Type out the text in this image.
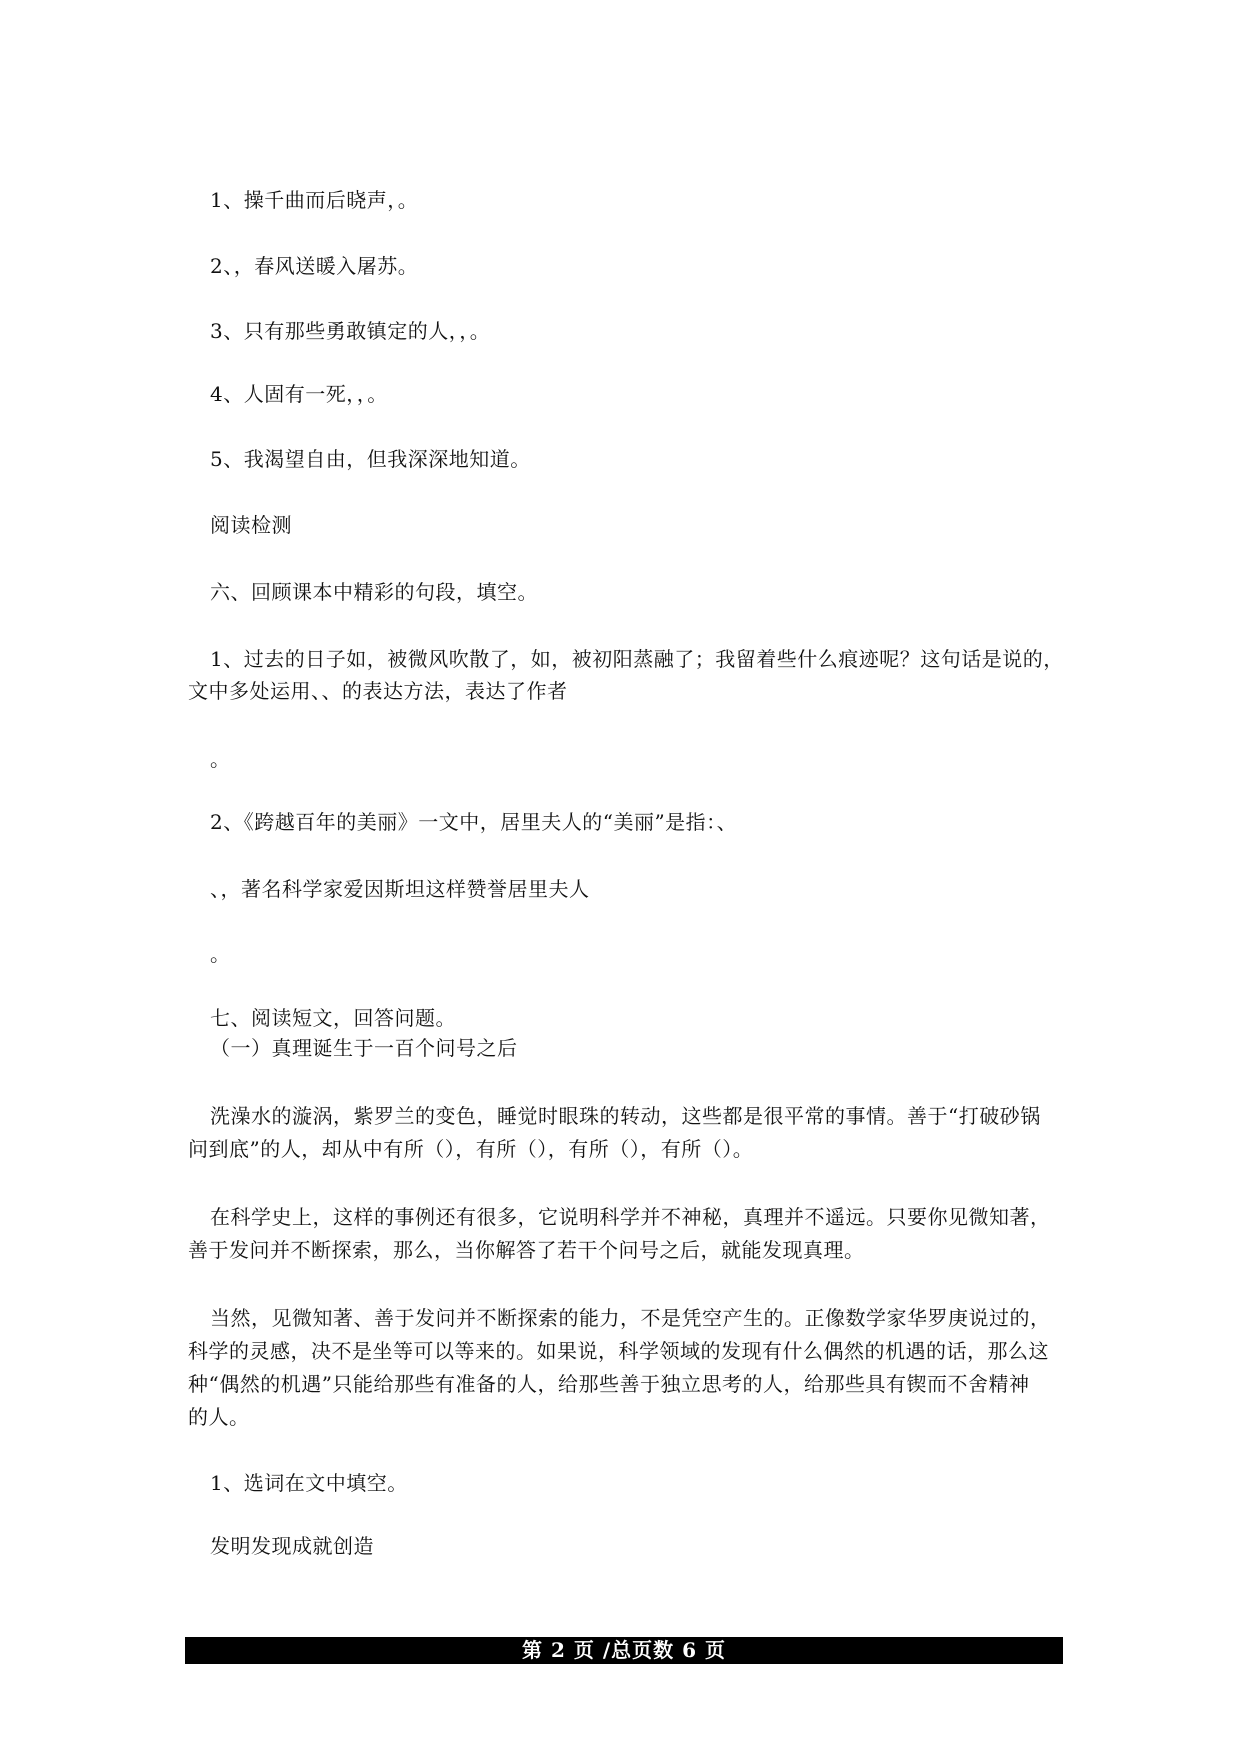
1、操千曲而后晓声，。
2、，春风送暖入屠苏。
3、只有那些勇敢镇定的人，，。
4、人固有一死，，。
5、我渴望自由，但我深深地知道。
阅读检测
六、回顾课本中精彩的句段，填空。
1、过去的日子如，被微风吹散了，如，被初阳蒸融了；我留着些什么痕迹呢？这句话是说的，
文中多处运用、、的表达方法，表达了作者
。
2、《跨越百年的美丽》一文中，居里夫人的“美丽”是指：、
、，著名科学家爱因斯坦这样赞誉居里夫人
。
七、阅读短文，回答问题。
（一）真理诞生于一百个问号之后
洗澡水的漩涡，紫罗兰的变色，睡觉时眼珠的转动，这些都是很平常的事情。善于“打破砂锅
问到底”的人，却从中有所（），有所（），有所（），有所（）。
在科学史上，这样的事例还有很多，它说明科学并不神秘，真理并不遥远。只要你见微知著，
善于发问并不断探索，那么，当你解答了若干个问号之后，就能发现真理。
当然，见微知著、善于发问并不断探索的能力，不是凭空产生的。正像数学家华罗庚说过的，
科学的灵感，决不是坐等可以等来的。如果说，科学领域的发现有什么偶然的机遇的话，那么这
种“偶然的机遇”只能给那些有准备的人，给那些善于独立思考的人，给那些具有锲而不舍精神
的人。
1、选词在文中填空。
发明发现成就创造
第 2 页 /总页数 6 页
